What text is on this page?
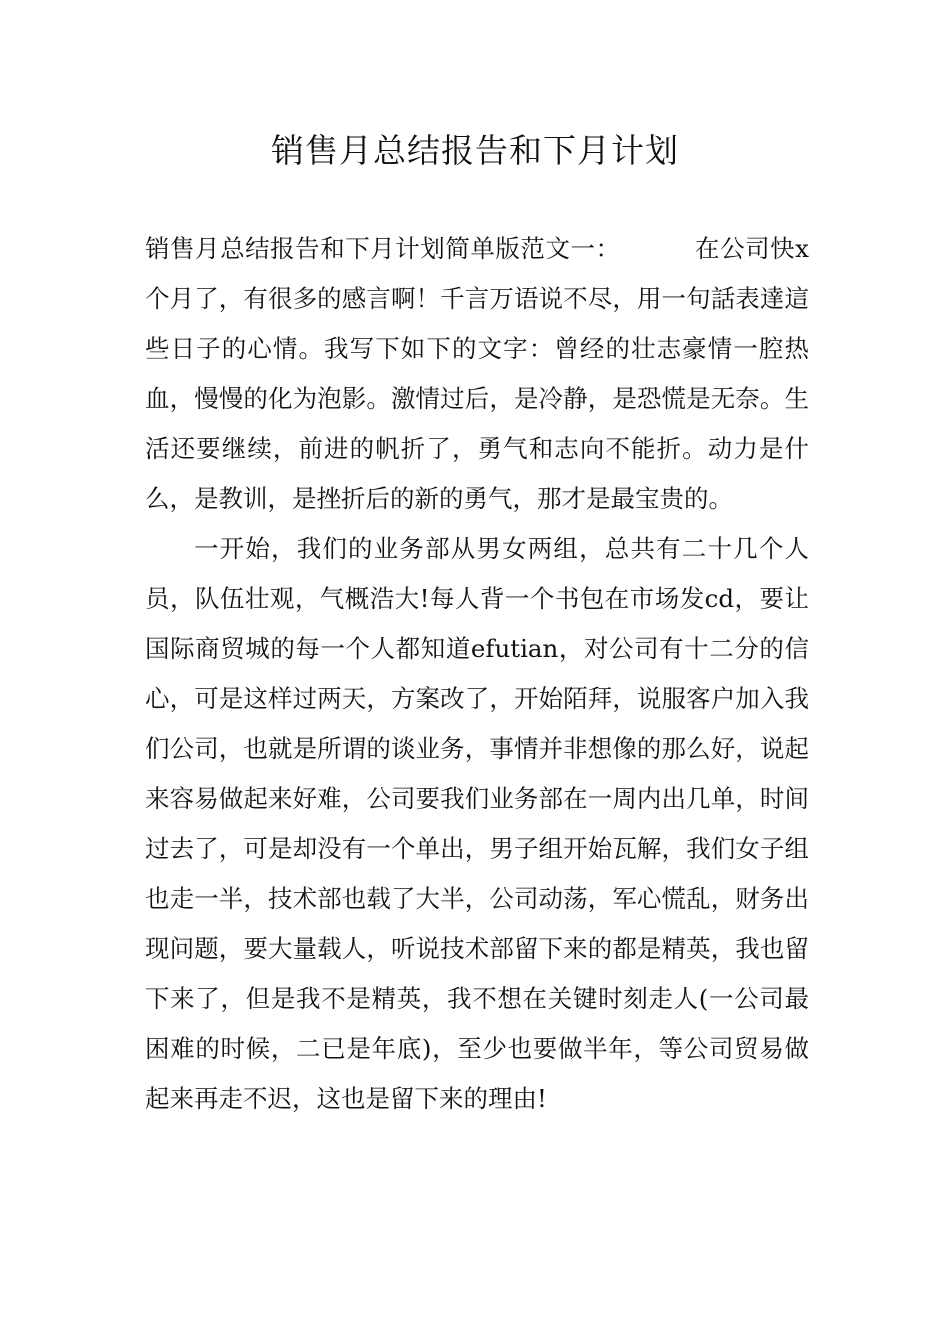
销售月总结报告和下月计划

销售月总结报告和下月计划简单版范文一：	在公司快x个月了，有很多的感言啊！千言万语说不尽，用一句話表達這些日子的心情。我写下如下的文字：曾经的壮志豪情一腔热血，慢慢的化为泡影。激情过后，是冷静，是恐慌是无奈。生活还要继续，前进的帆折了，勇气和志向不能折。动力是什么，是教训，是挫折后的新的勇气，那才是最宝贵的。

一开始，我们的业务部从男女两组，总共有二十几个人员，队伍壮观，气概浩大!每人背一个书包在市场发cd，要让国际商贸城的每一个人都知道efutian，对公司有十二分的信心，可是这样过两天，方案改了，开始陌拜，说服客户加入我们公司，也就是所谓的谈业务，事情并非想像的那么好，说起来容易做起来好难，公司要我们业务部在一周内出几单，时间过去了，可是却没有一个单出，男子组开始瓦解，我们女子组也走一半，技术部也载了大半，公司动荡，军心慌乱，财务出现问题，要大量载人，听说技术部留下来的都是精英，我也留下来了，但是我不是精英，我不想在关键时刻走人(一公司最困难的时候，二已是年底)，至少也要做半年，等公司贸易做起来再走不迟，这也是留下来的理由!
